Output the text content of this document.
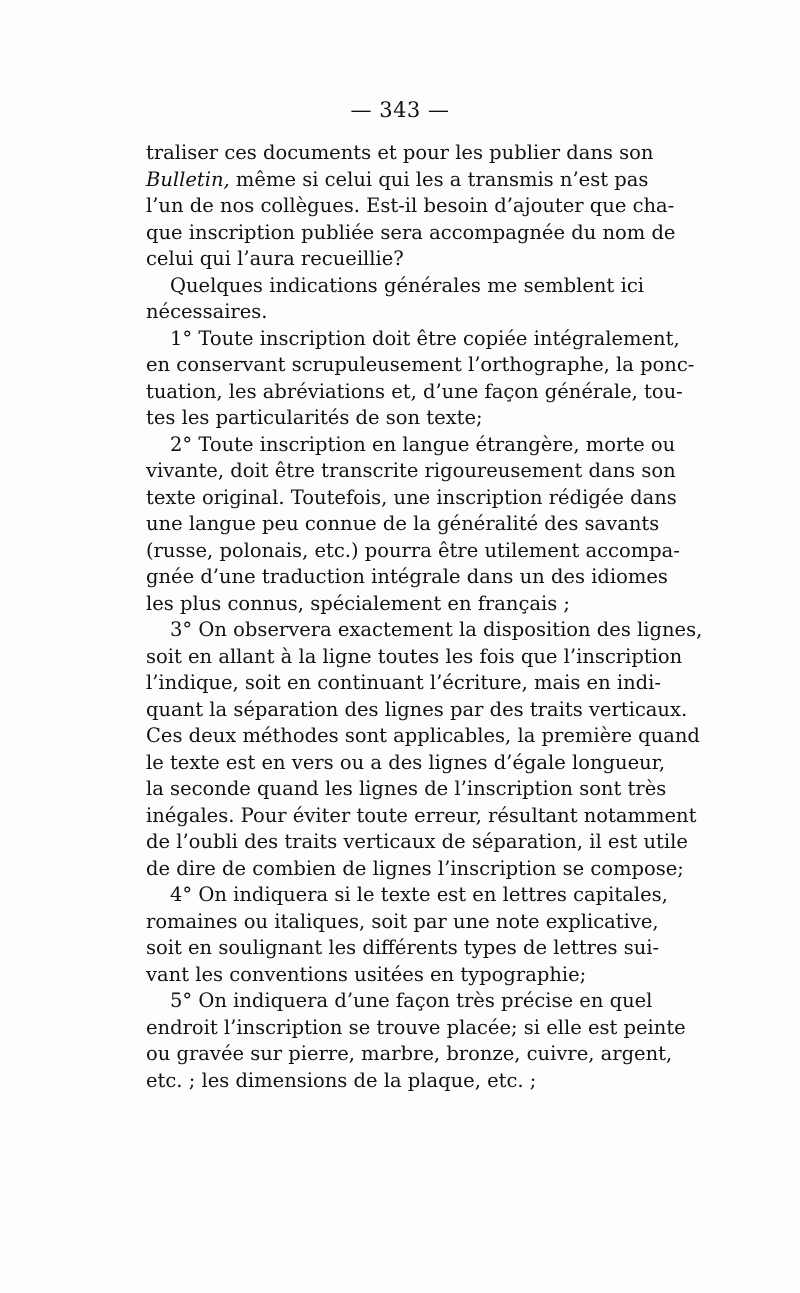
— 343 —
traliser ces documents et pour les publier dans son
Bulletin, même si celui qui les a transmis n’est pas
l’un de nos collègues. Est-il besoin d’ajouter que cha-
que inscription publiée sera accompagnée du nom de
celui qui l’aura recueillie?
Quelques indications générales me semblent ici
nécessaires.
1° Toute inscription doit être copiée intégralement,
en conservant scrupuleusement l’orthographe, la ponc-
tuation, les abréviations et, d’une façon générale, tou-
tes les particularités de son texte;
2° Toute inscription en langue étrangère, morte ou
vivante, doit être transcrite rigoureusement dans son
texte original. Toutefois, une inscription rédigée dans
une langue peu connue de la généralité des savants
(russe, polonais, etc.) pourra être utilement accompa-
gnée d’une traduction intégrale dans un des idiomes
les plus connus, spécialement en français ;
3° On observera exactement la disposition des lignes,
soit en allant à la ligne toutes les fois que l’inscription
l’indique, soit en continuant l’écriture, mais en indi-
quant la séparation des lignes par des traits verticaux.
Ces deux méthodes sont applicables, la première quand
le texte est en vers ou a des lignes d’égale longueur,
la seconde quand les lignes de l’inscription sont très
inégales. Pour éviter toute erreur, résultant notamment
de l’oubli des traits verticaux de séparation, il est utile
de dire de combien de lignes l’inscription se compose;
4° On indiquera si le texte est en lettres capitales,
romaines ou italiques, soit par une note explicative,
soit en soulignant les différents types de lettres sui-
vant les conventions usitées en typographie;
5° On indiquera d’une façon très précise en quel
endroit l’inscription se trouve placée; si elle est peinte
ou gravée sur pierre, marbre, bronze, cuivre, argent,
etc. ; les dimensions de la plaque, etc. ;
